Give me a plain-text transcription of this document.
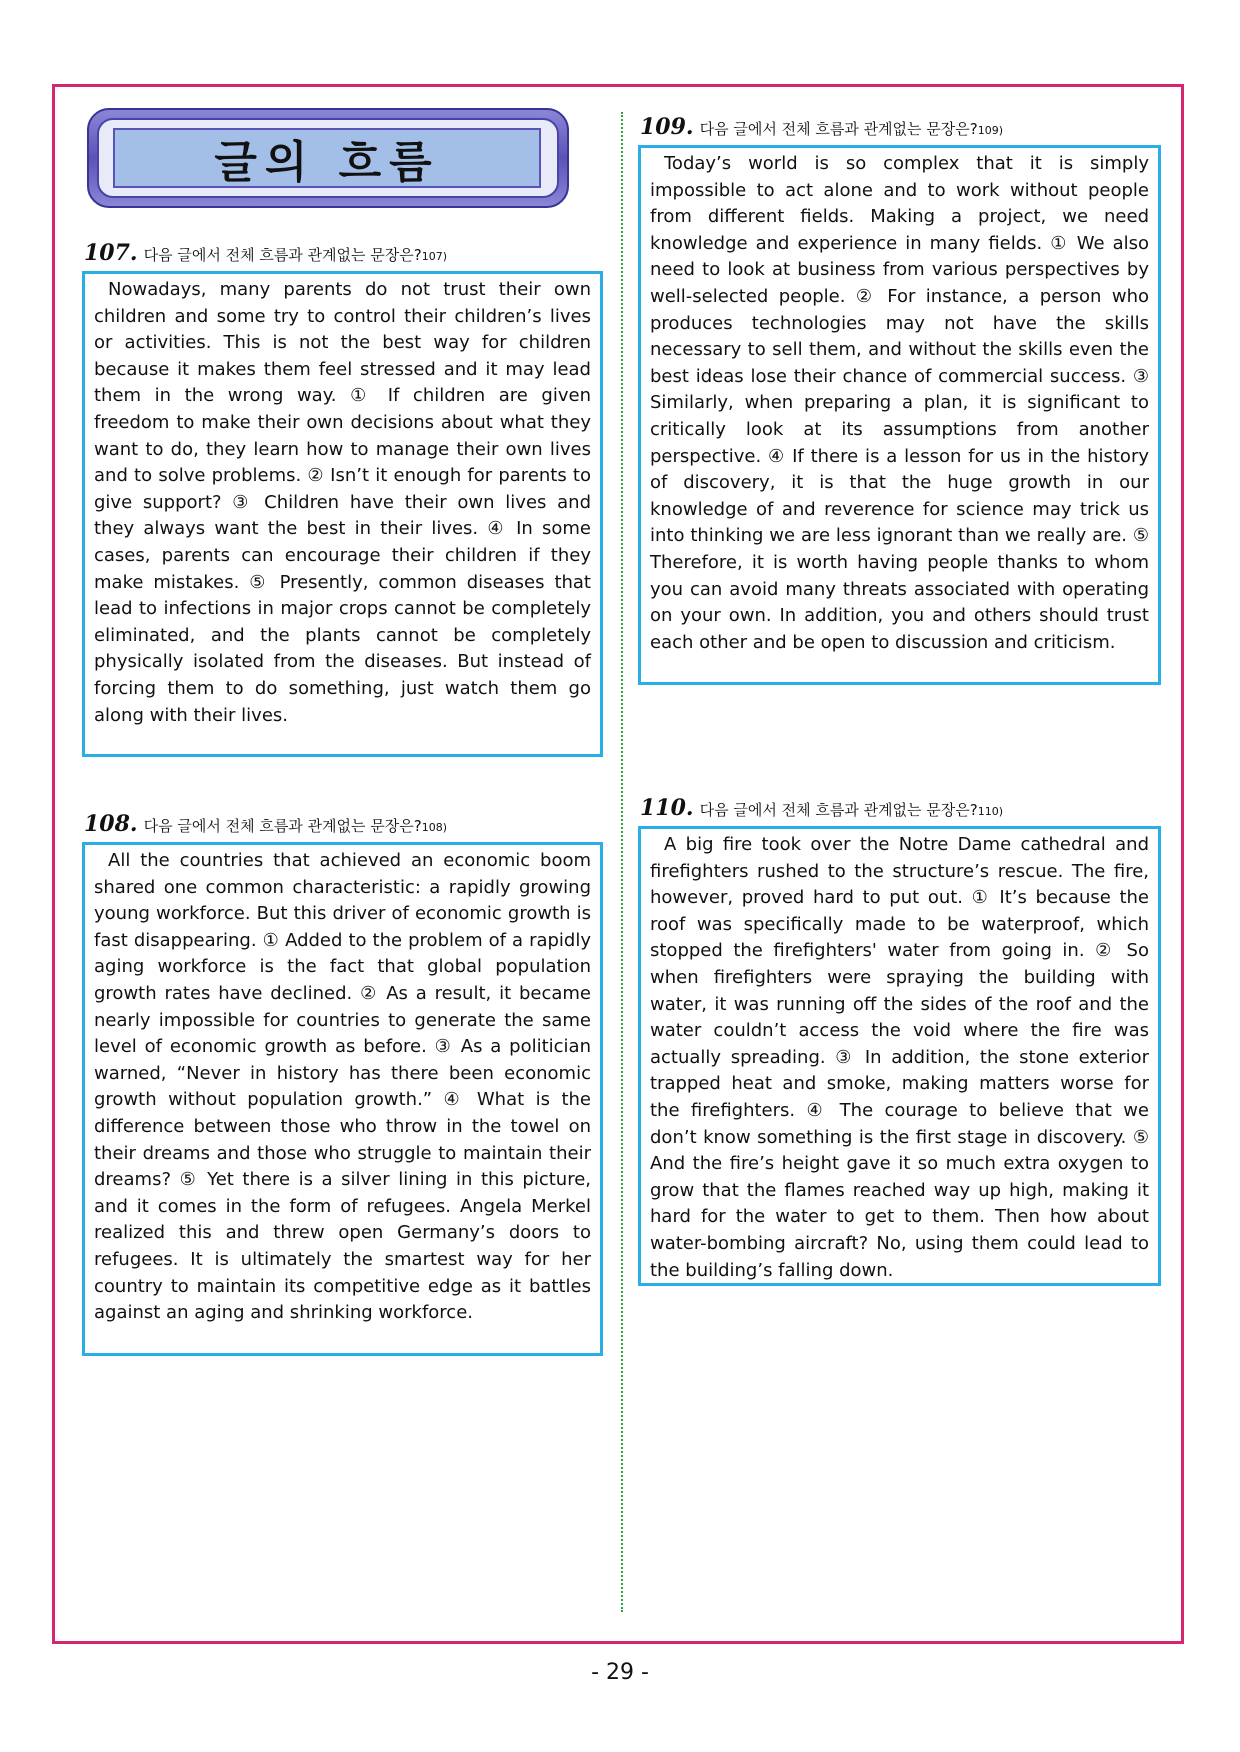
글의 흐름
107. 다음 글에서 전체 흐름과 관계없는 문장은? 107)

Nowadays, many parents do not trust their own children and some try to control their children’s lives or activities. This is not the best way for children because it makes them feel stressed and it may lead them in the wrong way. ① If children are given freedom to make their own decisions about what they want to do, they learn how to manage their own lives and to solve problems. ② Isn’t it enough for parents to give support? ③ Children have their own lives and they always want the best in their lives. ④ In some cases, parents can encourage their children if they make mistakes. ⑤ Presently, common diseases that lead to infections in major crops cannot be completely eliminated, and the plants cannot be completely physically isolated from the diseases. But instead of forcing them to do something, just watch them go along with their lives.

108. 다음 글에서 전체 흐름과 관계없는 문장은? 108)

All the countries that achieved an economic boom shared one common characteristic: a rapidly growing young workforce. But this driver of economic growth is fast disappearing. ① Added to the problem of a rapidly aging workforce is the fact that global population growth rates have declined. ② As a result, it became nearly impossible for countries to generate the same level of economic growth as before. ③ As a politician warned, “Never in history has there been economic growth without population growth.” ④ What is the difference between those who throw in the towel on their dreams and those who struggle to maintain their dreams? ⑤ Yet there is a silver lining in this picture, and it comes in the form of refugees. Angela Merkel realized this and threw open Germany’s doors to refugees. It is ultimately the smartest way for her country to maintain its competitive edge as it battles against an aging and shrinking workforce.

109. 다음 글에서 전체 흐름과 관계없는 문장은? 109)

Today’s world is so complex that it is simply impossible to act alone and to work without people from different fields. Making a project, we need knowledge and experience in many fields. ① We also need to look at business from various perspectives by well-selected people. ② For instance, a person who produces technologies may not have the skills necessary to sell them, and without the skills even the best ideas lose their chance of commercial success. ③ Similarly, when preparing a plan, it is significant to critically look at its assumptions from another perspective. ④ If there is a lesson for us in the history of discovery, it is that the huge growth in our knowledge of and reverence for science may trick us into thinking we are less ignorant than we really are. ⑤ Therefore, it is worth having people thanks to whom you can avoid many threats associated with operating on your own. In addition, you and others should trust each other and be open to discussion and criticism.

110. 다음 글에서 전체 흐름과 관계없는 문장은? 110)

A big fire took over the Notre Dame cathedral and firefighters rushed to the structure’s rescue. The fire, however, proved hard to put out. ① It’s because the roof was specifically made to be waterproof, which stopped the firefighters' water from going in. ② So when firefighters were spraying the building with water, it was running off the sides of the roof and the water couldn’t access the void where the fire was actually spreading. ③ In addition, the stone exterior trapped heat and smoke, making matters worse for the firefighters. ④ The courage to believe that we don’t know something is the first stage in discovery. ⑤ And the fire’s height gave it so much extra oxygen to grow that the flames reached way up high, making it hard for the water to get to them. Then how about water-bombing aircraft? No, using them could lead to the building’s falling down.

- 29 -
